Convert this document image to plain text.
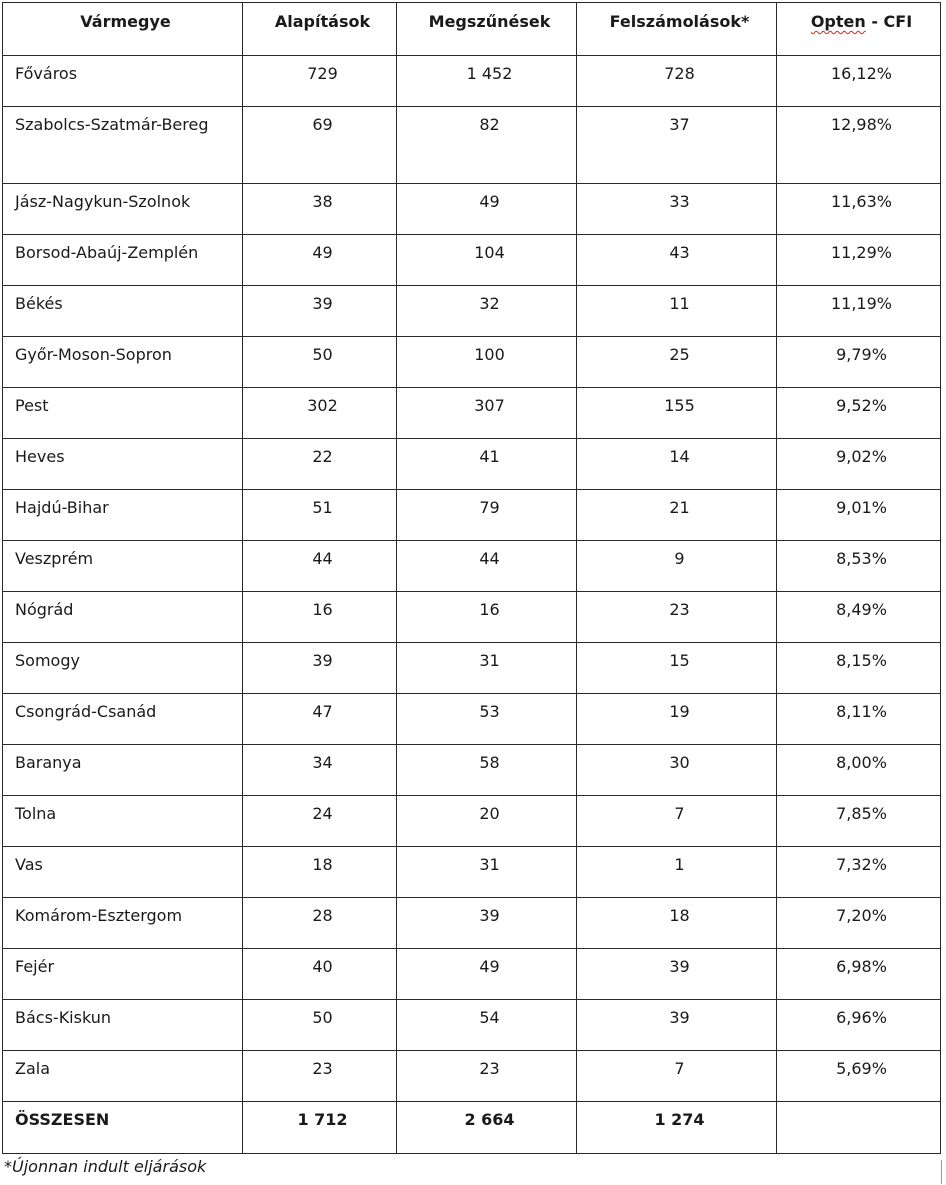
Vármegye	Alapítások	Megszűnések	Felszámolások*	Opten - CFI
Főváros	729	1 452	728	16,12%
Szabolcs-Szatmár-Bereg	69	82	37	12,98%
Jász-Nagykun-Szolnok	38	49	33	11,63%
Borsod-Abaúj-Zemplén	49	104	43	11,29%
Békés	39	32	11	11,19%
Győr-Moson-Sopron	50	100	25	9,79%
Pest	302	307	155	9,52%
Heves	22	41	14	9,02%
Hajdú-Bihar	51	79	21	9,01%
Veszprém	44	44	9	8,53%
Nógrád	16	16	23	8,49%
Somogy	39	31	15	8,15%
Csongrád-Csanád	47	53	19	8,11%
Baranya	34	58	30	8,00%
Tolna	24	20	7	7,85%
Vas	18	31	1	7,32%
Komárom-Esztergom	28	39	18	7,20%
Fejér	40	49	39	6,98%
Bács-Kiskun	50	54	39	6,96%
Zala	23	23	7	5,69%
ÖSSZESEN	1 712	2 664	1 274	
*Újonnan indult eljárások
